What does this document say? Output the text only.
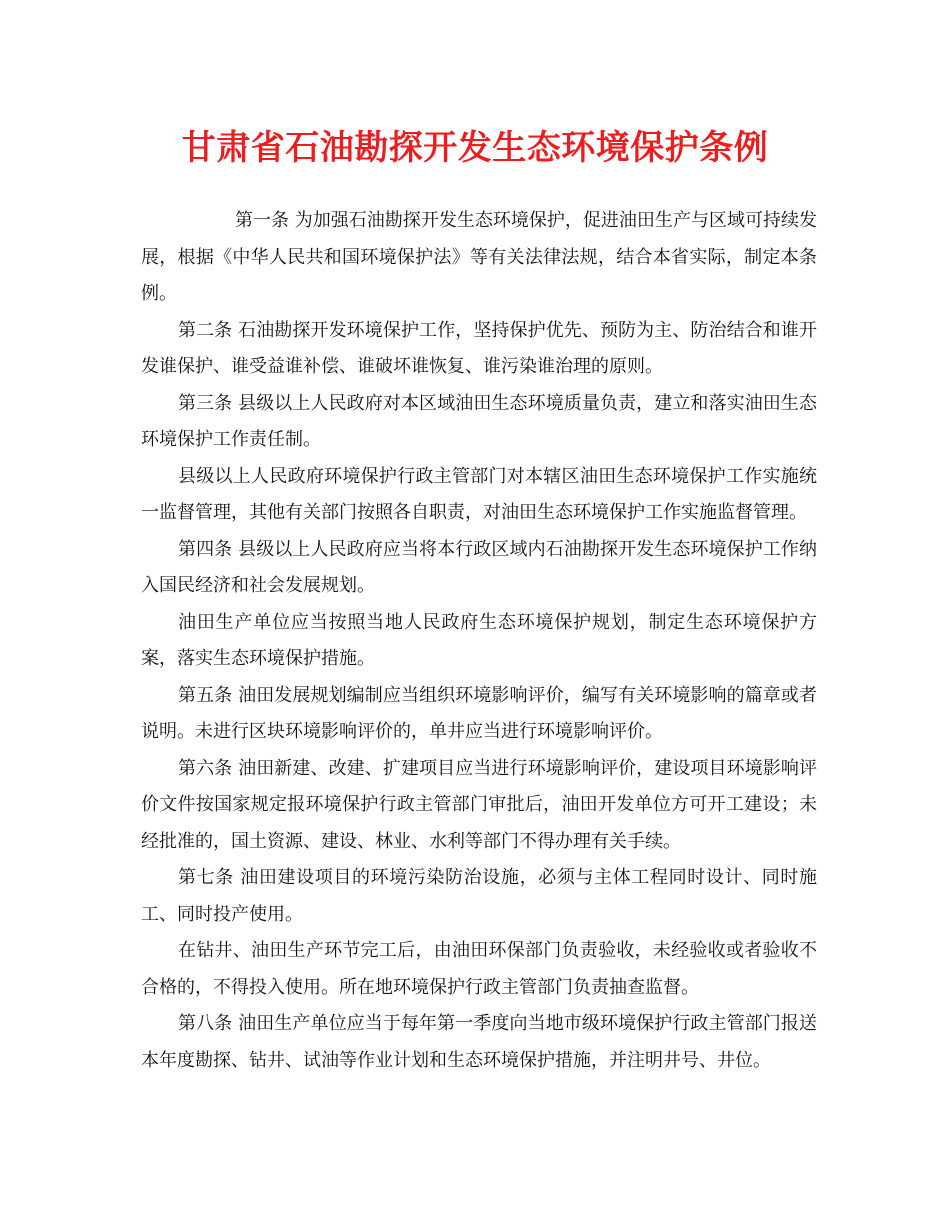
甘肃省石油勘探开发生态环境保护条例

第一条 为加强石油勘探开发生态环境保护，促进油田生产与区域可持续发展，根据《中华人民共和国环境保护法》等有关法律法规，结合本省实际，制定本条例。

第二条 石油勘探开发环境保护工作，坚持保护优先、预防为主、防治结合和谁开发谁保护、谁受益谁补偿、谁破坏谁恢复、谁污染谁治理的原则。

第三条 县级以上人民政府对本区域油田生态环境质量负责，建立和落实油田生态环境保护工作责任制。

县级以上人民政府环境保护行政主管部门对本辖区油田生态环境保护工作实施统一监督管理，其他有关部门按照各自职责，对油田生态环境保护工作实施监督管理。

第四条 县级以上人民政府应当将本行政区域内石油勘探开发生态环境保护工作纳入国民经济和社会发展规划。

油田生产单位应当按照当地人民政府生态环境保护规划，制定生态环境保护方案，落实生态环境保护措施。

第五条 油田发展规划编制应当组织环境影响评价，编写有关环境影响的篇章或者说明。未进行区块环境影响评价的，单井应当进行环境影响评价。

第六条 油田新建、改建、扩建项目应当进行环境影响评价，建设项目环境影响评价文件按国家规定报环境保护行政主管部门审批后，油田开发单位方可开工建设；未经批准的，国土资源、建设、林业、水利等部门不得办理有关手续。

第七条 油田建设项目的环境污染防治设施，必须与主体工程同时设计、同时施工、同时投产使用。

在钻井、油田生产环节完工后，由油田环保部门负责验收，未经验收或者验收不合格的，不得投入使用。所在地环境保护行政主管部门负责抽查监督。

第八条 油田生产单位应当于每年第一季度向当地市级环境保护行政主管部门报送本年度勘探、钻井、试油等作业计划和生态环境保护措施，并注明井号、井位。
